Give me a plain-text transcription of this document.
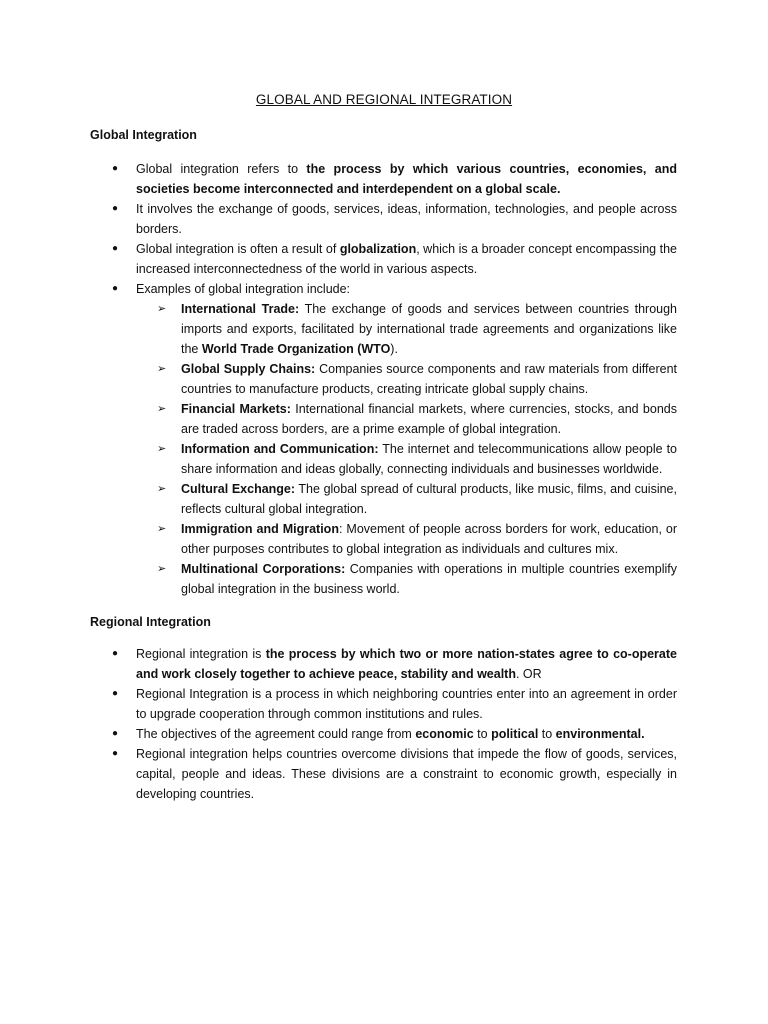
GLOBAL AND REGIONAL INTEGRATION
Global Integration
● Global integration refers to the process by which various countries, economies, and societies become interconnected and interdependent on a global scale.
● It involves the exchange of goods, services, ideas, information, technologies, and people across borders.
● Global integration is often a result of globalization, which is a broader concept encompassing the increased interconnectedness of the world in various aspects.
● Examples of global integration include:
➢ International Trade: The exchange of goods and services between countries through imports and exports, facilitated by international trade agreements and organizations like the World Trade Organization (WTO).
➢ Global Supply Chains: Companies source components and raw materials from different countries to manufacture products, creating intricate global supply chains.
➢ Financial Markets: International financial markets, where currencies, stocks, and bonds are traded across borders, are a prime example of global integration.
➢ Information and Communication: The internet and telecommunications allow people to share information and ideas globally, connecting individuals and businesses worldwide.
➢ Cultural Exchange: The global spread of cultural products, like music, films, and cuisine, reflects cultural global integration.
➢ Immigration and Migration: Movement of people across borders for work, education, or other purposes contributes to global integration as individuals and cultures mix.
➢ Multinational Corporations: Companies with operations in multiple countries exemplify global integration in the business world.
Regional Integration
● Regional integration is the process by which two or more nation-states agree to co-operate and work closely together to achieve peace, stability and wealth. OR
● Regional Integration is a process in which neighboring countries enter into an agreement in order to upgrade cooperation through common institutions and rules.
● The objectives of the agreement could range from economic to political to environmental.
● Regional integration helps countries overcome divisions that impede the flow of goods, services, capital, people and ideas. These divisions are a constraint to economic growth, especially in developing countries.
